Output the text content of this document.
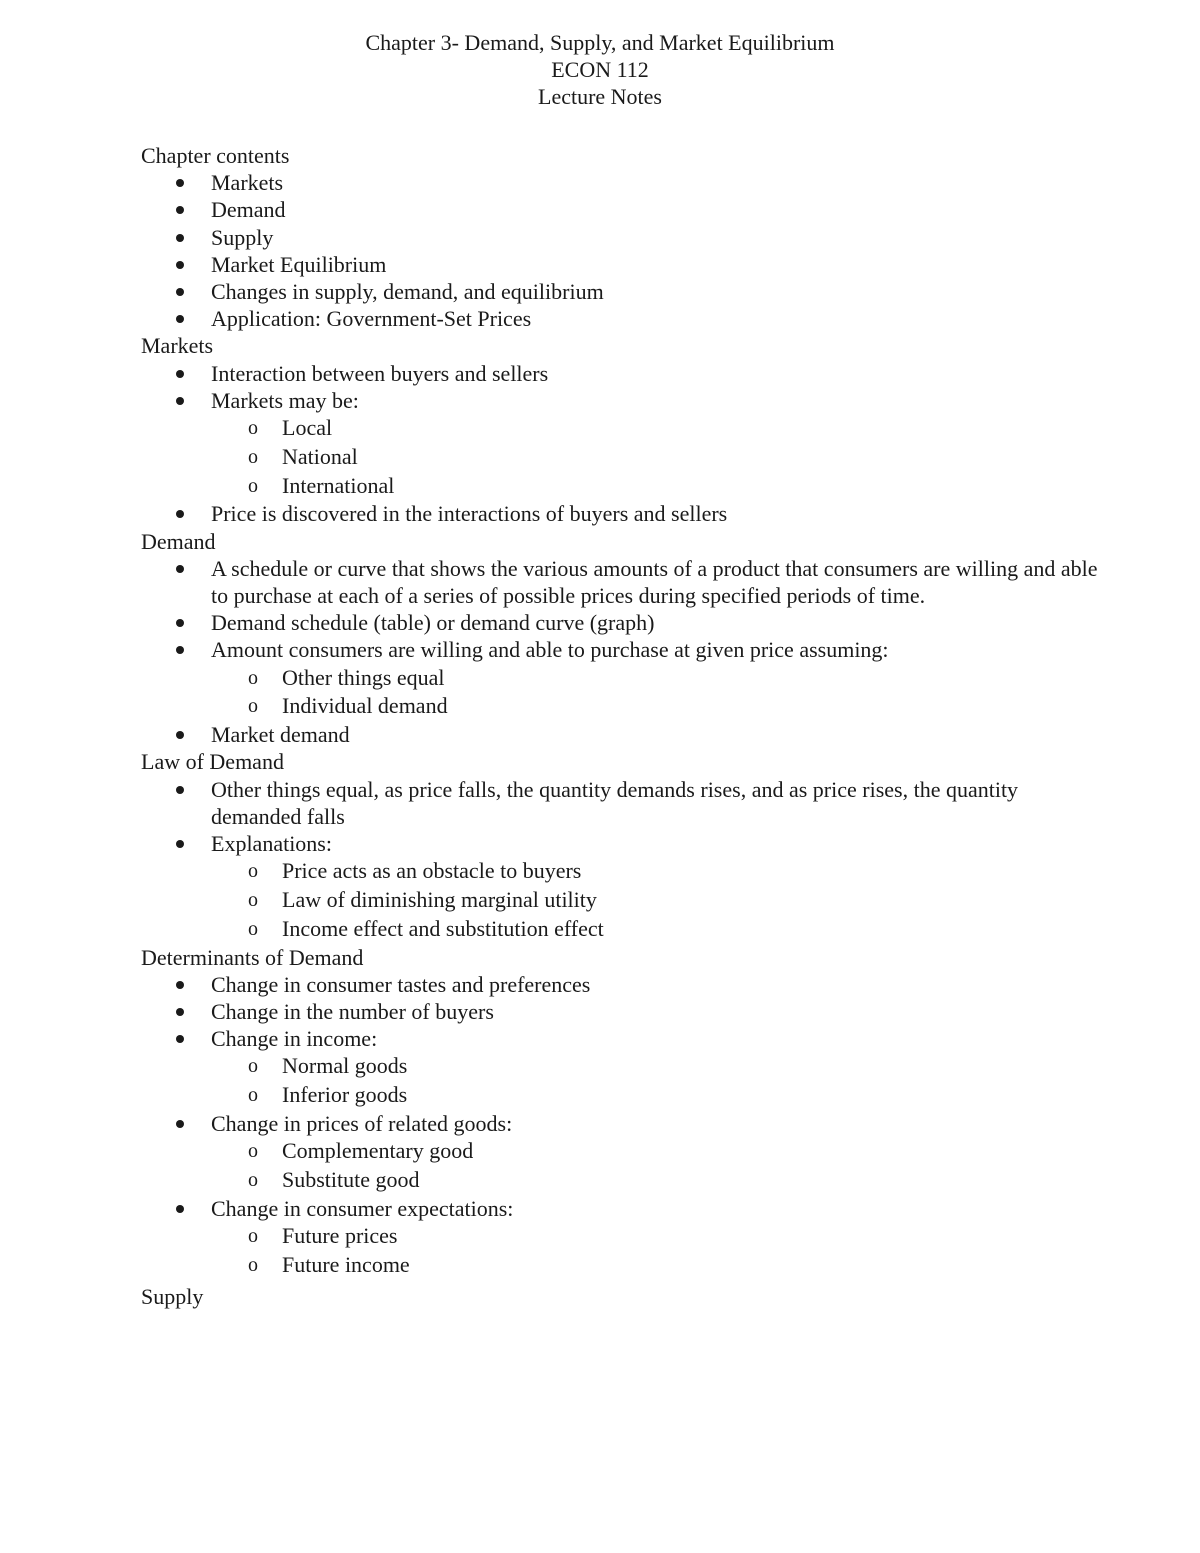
Chapter 3- Demand, Supply, and Market Equilibrium
ECON 112
Lecture Notes
Chapter contents
Markets
Demand
Supply
Market Equilibrium
Changes in supply, demand, and equilibrium
Application: Government-Set Prices
Markets
Interaction between buyers and sellers
Markets may be:
o Local
o National
o International
Price is discovered in the interactions of buyers and sellers
Demand
A schedule or curve that shows the various amounts of a product that consumers are willing and able to purchase at each of a series of possible prices during specified periods of time.
Demand schedule (table) or demand curve (graph)
Amount consumers are willing and able to purchase at given price assuming:
o Other things equal
o Individual demand
Market demand
Law of Demand
Other things equal, as price falls, the quantity demands rises, and as price rises, the quantity demanded falls
Explanations:
o Price acts as an obstacle to buyers
o Law of diminishing marginal utility
o Income effect and substitution effect
Determinants of Demand
Change in consumer tastes and preferences
Change in the number of buyers
Change in income:
o Normal goods
o Inferior goods
Change in prices of related goods:
o Complementary good
o Substitute good
Change in consumer expectations:
o Future prices
o Future income
Supply
